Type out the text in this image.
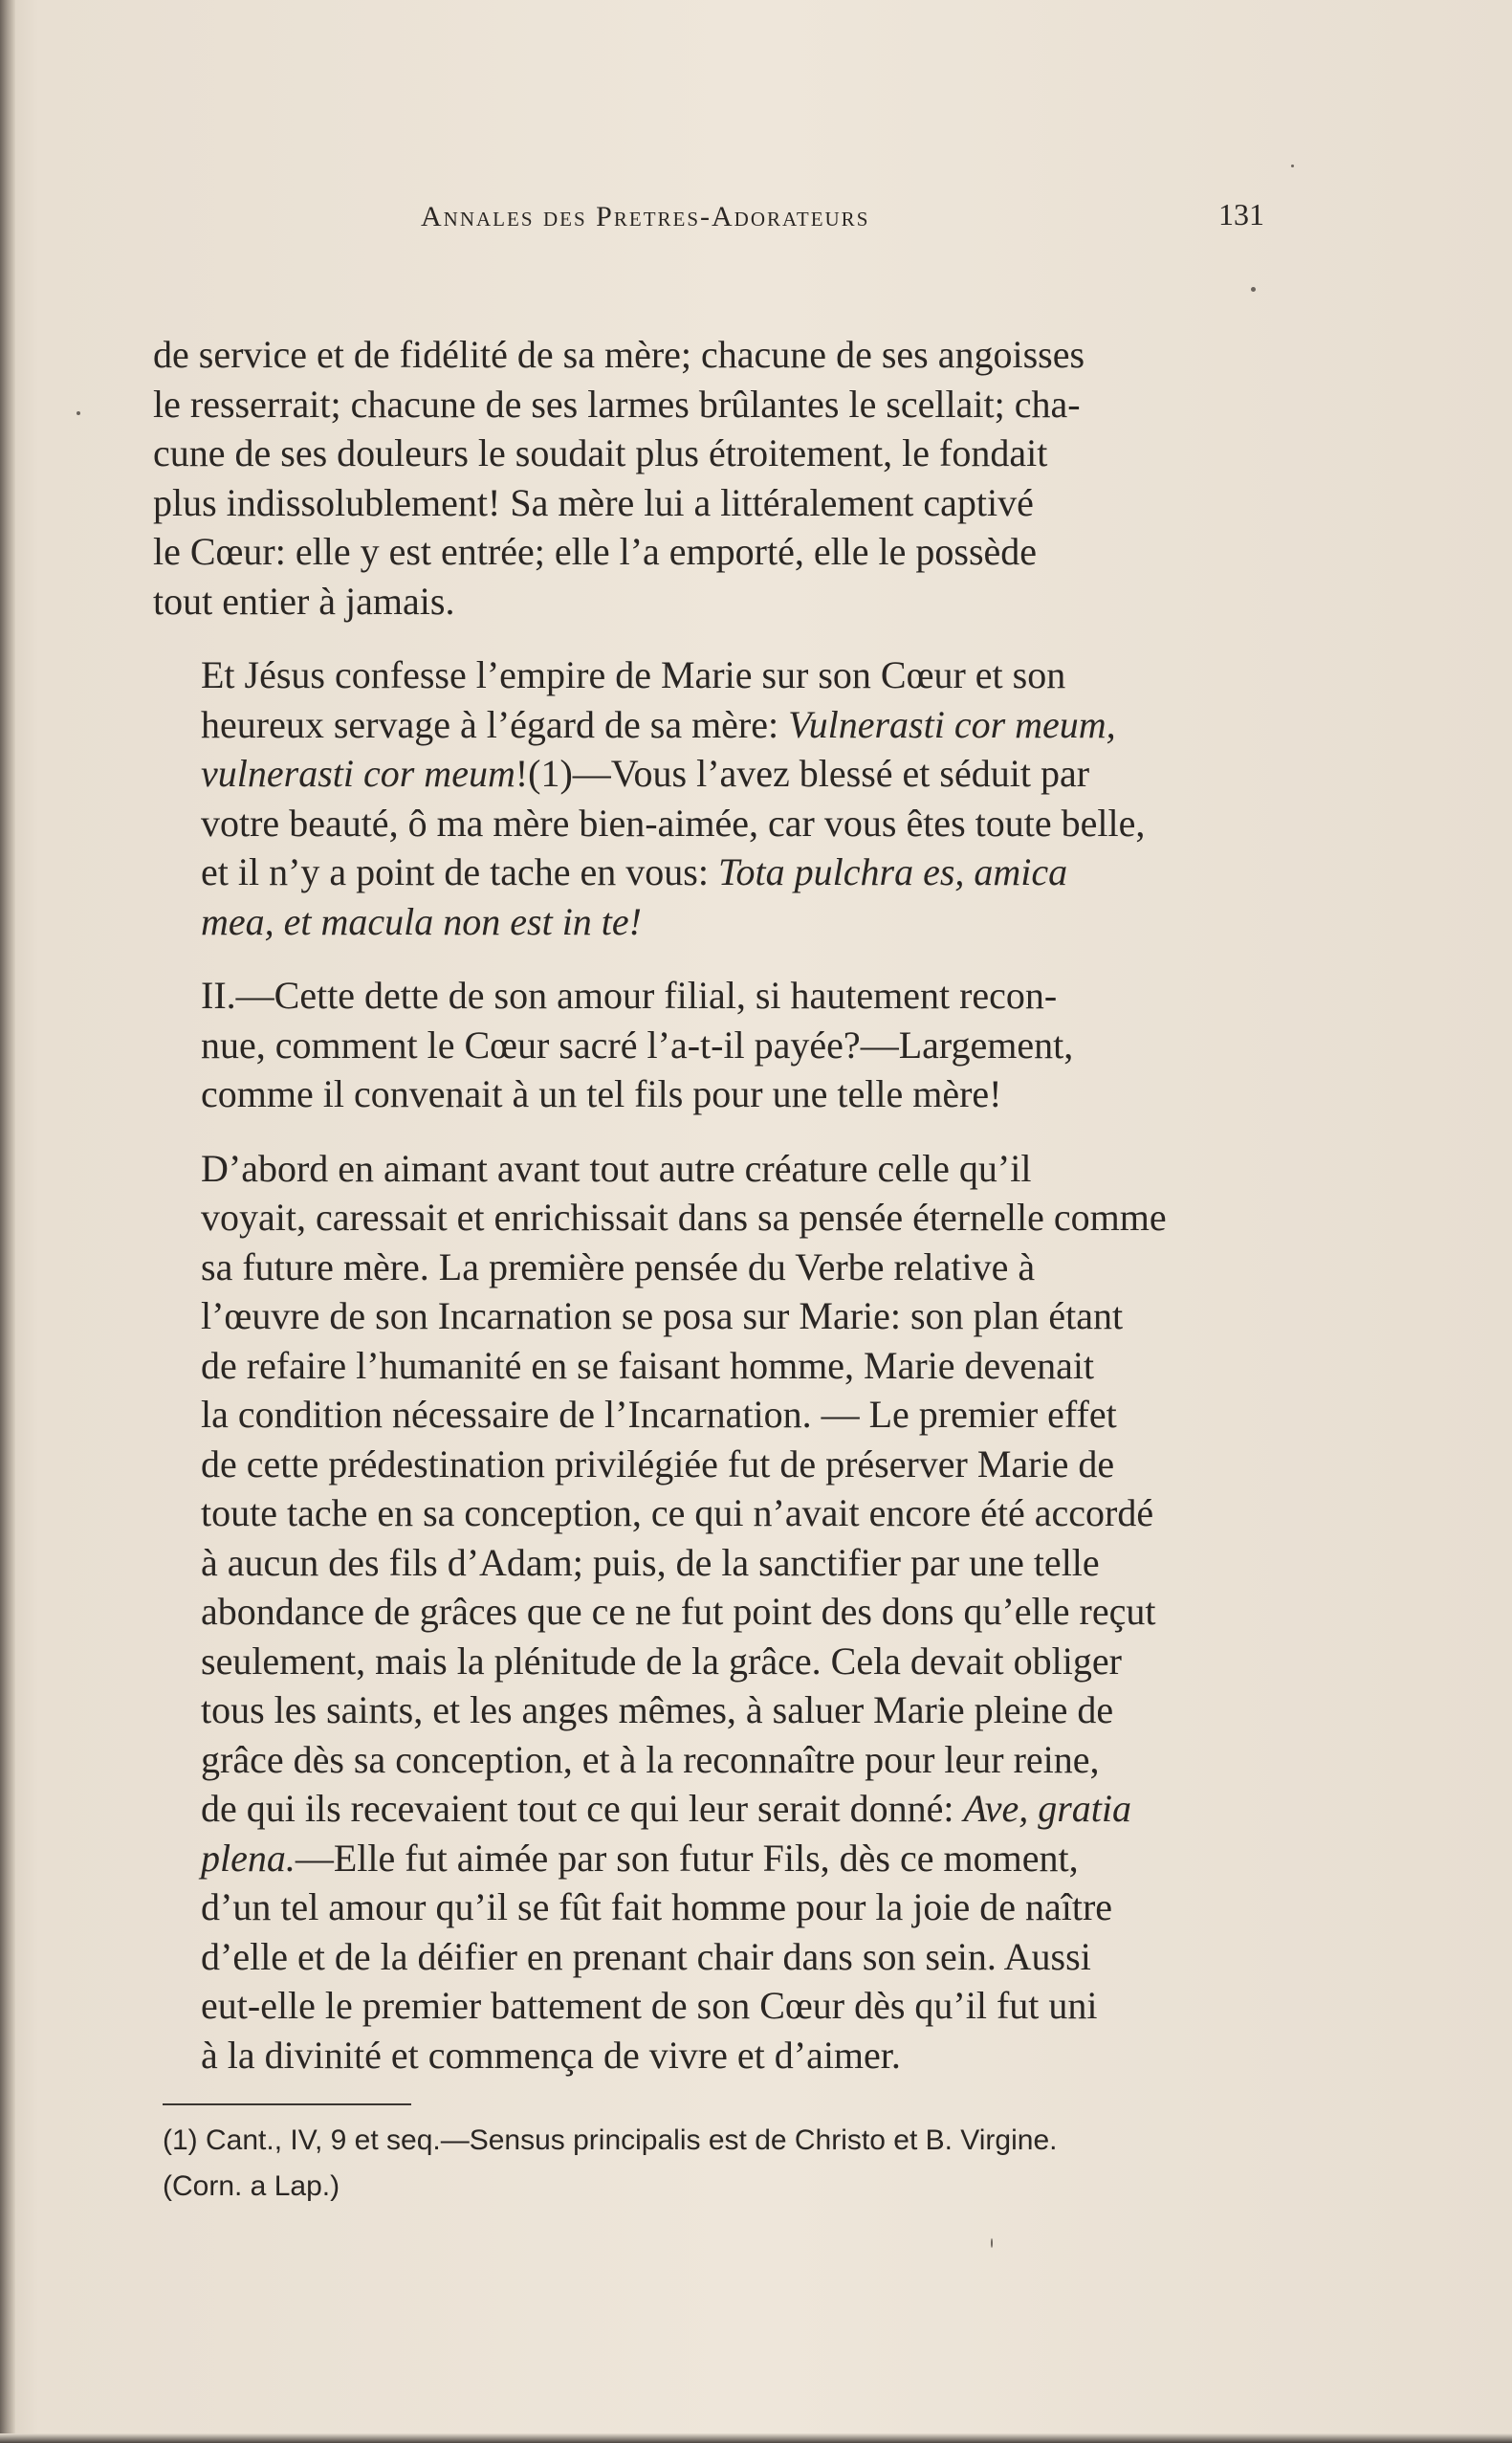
Annales des Pretres-Adorateurs	131

de service et de fidélité de sa mère; chacune de ses angoisses
le resserrait; chacune de ses larmes brûlantes le scellait; cha-
cune de ses douleurs le soudait plus étroitement, le fondait
plus indissolublement! Sa mère lui a littéralement captivé
le Cœur: elle y est entrée; elle l’a emporté, elle le possède
tout entier à jamais.

Et Jésus confesse l’empire de Marie sur son Cœur et son
heureux servage à l’égard de sa mère: Vulnerasti cor meum,
vulnerasti cor meum!(1)—Vous l’avez blessé et séduit par
votre beauté, ô ma mère bien-aimée, car vous êtes toute belle,
et il n’y a point de tache en vous: Tota pulchra es, amica
mea, et macula non est in te!

II.—Cette dette de son amour filial, si hautement recon-
nue, comment le Cœur sacré l’a-t-il payée?—Largement,
comme il convenait à un tel fils pour une telle mère!

D’abord en aimant avant tout autre créature celle qu’il
voyait, caressait et enrichissait dans sa pensée éternelle comme
sa future mère. La première pensée du Verbe relative à
l’œuvre de son Incarnation se posa sur Marie: son plan étant
de refaire l’humanité en se faisant homme, Marie devenait
la condition nécessaire de l’Incarnation. — Le premier effet
de cette prédestination privilégiée fut de préserver Marie de
toute tache en sa conception, ce qui n’avait encore été accordé
à aucun des fils d’Adam; puis, de la sanctifier par une telle
abondance de grâces que ce ne fut point des dons qu’elle reçut
seulement, mais la plénitude de la grâce. Cela devait obliger
tous les saints, et les anges mêmes, à saluer Marie pleine de
grâce dès sa conception, et à la reconnaître pour leur reine,
de qui ils recevaient tout ce qui leur serait donné: Ave, gratia
plena.—Elle fut aimée par son futur Fils, dès ce moment,
d’un tel amour qu’il se fût fait homme pour la joie de naître
d’elle et de la déifier en prenant chair dans son sein. Aussi
eut-elle le premier battement de son Cœur dès qu’il fut uni
à la divinité et commença de vivre et d’aimer.

(1) Cant., IV, 9 et seq.—Sensus principalis est de Christo et B. Virgine.
(Corn. a Lap.)
